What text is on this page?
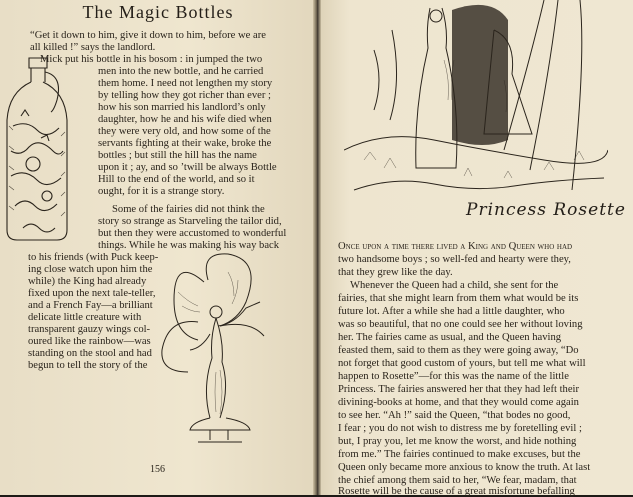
The Magic Bottles
“Get it down to him, give it down to him, before we are
all killed !” says the landlord.
Mick put his bottle in his bosom : in jumped the two
men into the new bottle, and he carried
them home. I need not lengthen my story
by telling how they got richer than ever ;
how his son married his landlord’s only
daughter, how he and his wife died when
they were very old, and how some of the
servants fighting at their wake, broke the
bottles ; but still the hill has the name
upon it ; ay, and so ’twill be always Bottle
Hill to the end of the world, and so it
ought, for it is a strange story.
Some of the fairies did not think the
story so strange as Starveling the tailor did,
but then they were accustomed to wonderful
things. While he was making his way back
to his friends (with Puck keep-
ing close watch upon him the
while) the King had already
fixed upon the next tale-teller,
and a French Fay—a brilliant
delicate little creature with
transparent gauzy wings col-
oured like the rainbow—was
standing on the stool and had
begun to tell the story of the
156
Princess Rosette
Once upon a time there lived a King and Queen who had
two handsome boys ; so well-fed and hearty were they,
that they grew like the day.
Whenever the Queen had a child, she sent for the
fairies, that she might learn from them what would be its
future lot. After a while she had a little daughter, who
was so beautiful, that no one could see her without loving
her. The fairies came as usual, and the Queen having
feasted them, said to them as they were going away, “Do
not forget that good custom of yours, but tell me what will
happen to Rosette”—for this was the name of the little
Princess. The fairies answered her that they had left their
divining-books at home, and that they would come again
to see her. “Ah !” said the Queen, “that bodes no good,
I fear ; you do not wish to distress me by foretelling evil ;
but, I pray you, let me know the worst, and hide nothing
from me.” The fairies continued to make excuses, but the
Queen only became more anxious to know the truth. At last
the chief among them said to her, “We fear, madam, that
Rosette will be the cause of a great misfortune befalling
